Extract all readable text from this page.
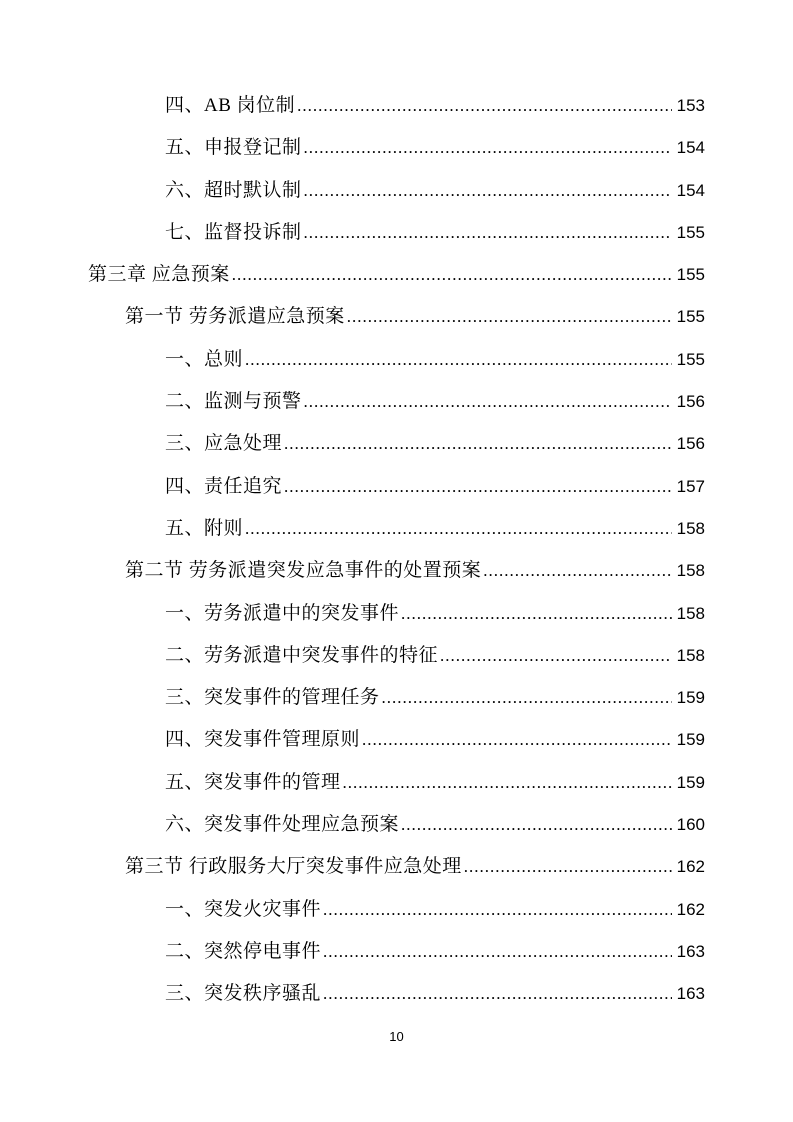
四、AB 岗位制 .....	153
五、申报登记制 .....	154
六、超时默认制 .....	154
七、监督投诉制 .....	155
第三章 应急预案 .....	155
第一节 劳务派遣应急预案 .....	155
一、总则 .....	155
二、监测与预警 .....	156
三、应急处理 .....	156
四、责任追究 .....	157
五、附则 .....	158
第二节 劳务派遣突发应急事件的处置预案 .....	158
一、劳务派遣中的突发事件 .....	158
二、劳务派遣中突发事件的特征 .....	158
三、突发事件的管理任务 .....	159
四、突发事件管理原则 .....	159
五、突发事件的管理 .....	159
六、突发事件处理应急预案 .....	160
第三节 行政服务大厅突发事件应急处理 .....	162
一、突发火灾事件 .....	162
二、突然停电事件 .....	163
三、突发秩序骚乱 .....	163
10
